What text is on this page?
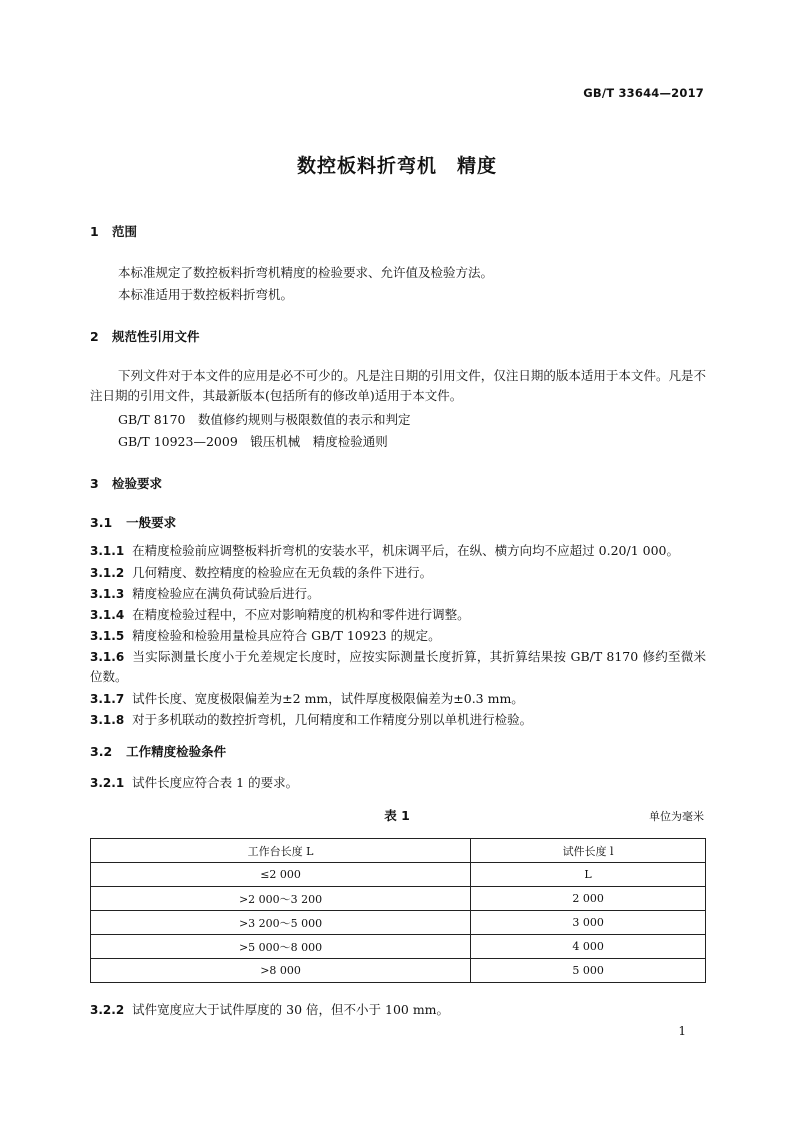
GB/T 33644—2017
数控板料折弯机　精度
1 范围
本标准规定了数控板料折弯机精度的检验要求、允许值及检验方法。
本标准适用于数控板料折弯机。
2 规范性引用文件
下列文件对于本文件的应用是必不可少的。凡是注日期的引用文件，仅注日期的版本适用于本文件。凡是不注日期的引用文件，其最新版本(包括所有的修改单)适用于本文件。
GB/T 8170　数值修约规则与极限数值的表示和判定
GB/T 10923—2009　锻压机械　精度检验通则
3 检验要求
3.1 一般要求
3.1.1 在精度检验前应调整板料折弯机的安装水平，机床调平后，在纵、横方向均不应超过 0.20/1 000。
3.1.2 几何精度、数控精度的检验应在无负载的条件下进行。
3.1.3 精度检验应在满负荷试验后进行。
3.1.4 在精度检验过程中，不应对影响精度的机构和零件进行调整。
3.1.5 精度检验和检验用量检具应符合 GB/T 10923 的规定。
3.1.6 当实际测量长度小于允差规定长度时，应按实际测量长度折算，其折算结果按 GB/T 8170 修约至微米位数。
3.1.7 试件长度、宽度极限偏差为±2 mm，试件厚度极限偏差为±0.3 mm。
3.1.8 对于多机联动的数控折弯机，几何精度和工作精度分别以单机进行检验。
3.2 工作精度检验条件
3.2.1 试件长度应符合表 1 的要求。
表 1	单位为毫米
工作台长度 L	试件长度 l
≤2 000	L
>2 000～3 200	2 000
>3 200～5 000	3 000
>5 000～8 000	4 000
>8 000	5 000
3.2.2 试件宽度应大于试件厚度的 30 倍，但不小于 100 mm。
1
